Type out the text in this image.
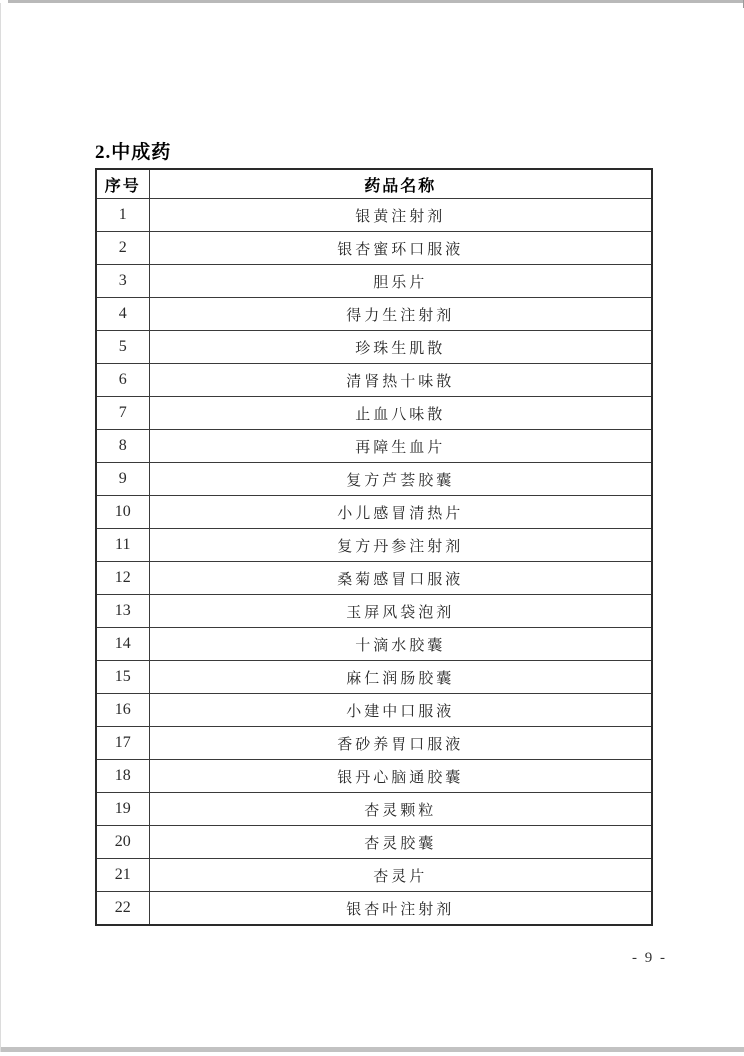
2.中成药
序号	药品名称
1	银黄注射剂
2	银杏蜜环口服液
3	胆乐片
4	得力生注射剂
5	珍珠生肌散
6	清肾热十味散
7	止血八味散
8	再障生血片
9	复方芦荟胶囊
10	小儿感冒清热片
11	复方丹参注射剂
12	桑菊感冒口服液
13	玉屏风袋泡剂
14	十滴水胶囊
15	麻仁润肠胶囊
16	小建中口服液
17	香砂养胃口服液
18	银丹心脑通胶囊
19	杏灵颗粒
20	杏灵胶囊
21	杏灵片
22	银杏叶注射剂
- 9 -
